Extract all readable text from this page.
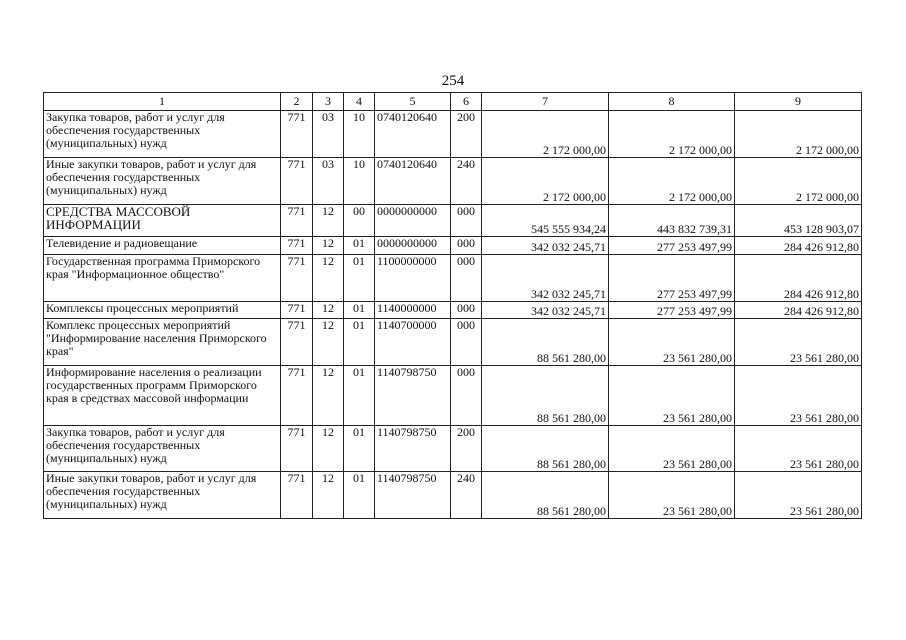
254
1	2	3	4	5	6	7	8	9
Закупка товаров, работ и услуг для обеспечения государственных (муниципальных) нужд	771	03	10	0740120640	200	2 172 000,00	2 172 000,00	2 172 000,00
Иные закупки товаров, работ и услуг для обеспечения государственных (муниципальных) нужд	771	03	10	0740120640	240	2 172 000,00	2 172 000,00	2 172 000,00
СРЕДСТВА МАССОВОЙ ИНФОРМАЦИИ	771	12	00	0000000000	000	545 555 934,24	443 832 739,31	453 128 903,07
Телевидение и радиовещание	771	12	01	0000000000	000	342 032 245,71	277 253 497,99	284 426 912,80
Государственная программа Приморского края "Информационное общество"	771	12	01	1100000000	000	342 032 245,71	277 253 497,99	284 426 912,80
Комплексы процессных мероприятий	771	12	01	1140000000	000	342 032 245,71	277 253 497,99	284 426 912,80
Комплекс процессных мероприятий "Информирование населения Приморского края"	771	12	01	1140700000	000	88 561 280,00	23 561 280,00	23 561 280,00
Информирование населения о реализации государственных программ Приморского края в средствах массовой информации	771	12	01	1140798750	000	88 561 280,00	23 561 280,00	23 561 280,00
Закупка товаров, работ и услуг для обеспечения государственных (муниципальных) нужд	771	12	01	1140798750	200	88 561 280,00	23 561 280,00	23 561 280,00
Иные закупки товаров, работ и услуг для обеспечения государственных (муниципальных) нужд	771	12	01	1140798750	240	88 561 280,00	23 561 280,00	23 561 280,00
